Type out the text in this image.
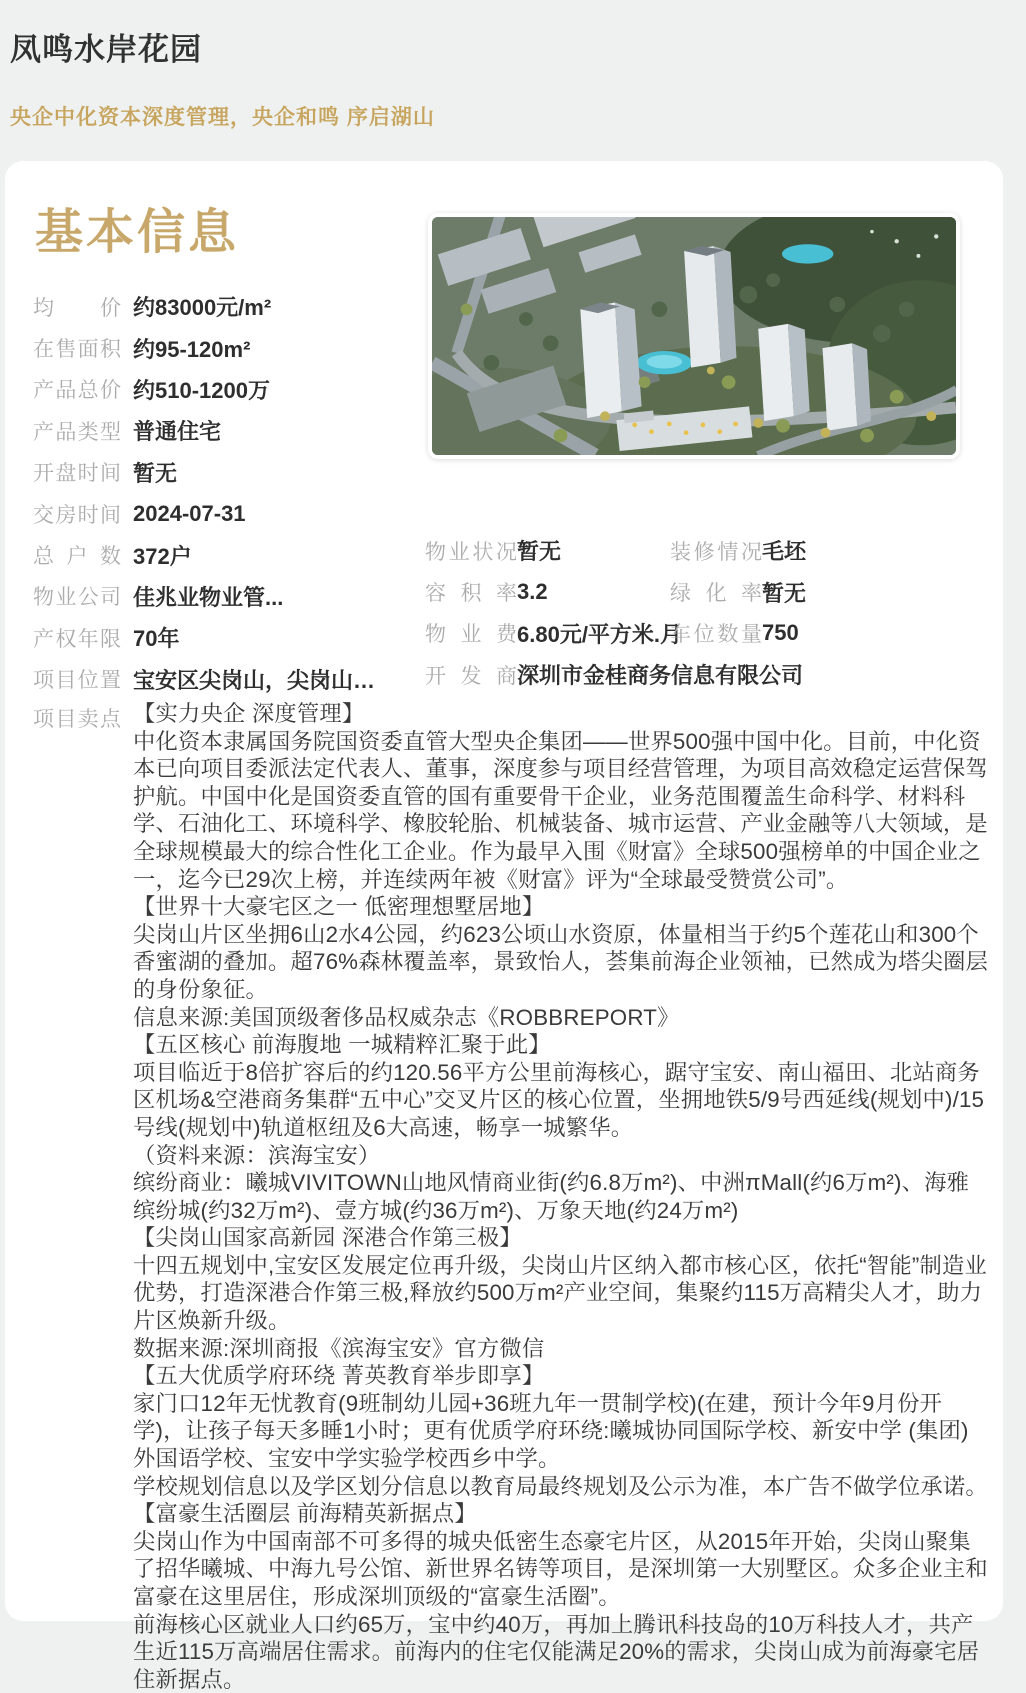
凤鸣水岸花园
央企中化资本深度管理，央企和鸣 序启湖山
基本信息
均价 约83000元/m²
在售面积 约95-120m²
产品总价 约510-1200万
产品类型 普通住宅
开盘时间 暂无
交房时间 2024-07-31
总户数 372户
物业公司 佳兆业物业管...
产权年限 70年
项目位置 宝安区尖岗山，尖岗山…
物业状况 暂无	装修情况 毛坯
容积率 3.2	绿化率 暂无
物业费 6.80元/平方米.月
车位数量 750
开发商 深圳市金桂商务信息有限公司
项目卖点 【实力央企 深度管理】

中化资本隶属国务院国资委直管大型央企集团——世界500强中国中化。目前，中化资本已向项目委派法定代表人、董事，深度参与项目经营管理，为项目高效稳定运营保驾护航。中国中化是国资委直管的国有重要骨干企业，业务范围覆盖生命科学、材料科学、石油化工、环境科学、橡胶轮胎、机械装备、城市运营、产业金融等八大领域，是全球规模最大的综合性化工企业。作为最早入围《财富》全球500强榜单的中国企业之一，迄今已29次上榜，并连续两年被《财富》评为“全球最受赞赏公司”。

【世界十大豪宅区之一 低密理想墅居地】

尖岗山片区坐拥6山2水4公园，约623公顷山水资原，体量相当于约5个莲花山和300个香蜜湖的叠加。超76%森林覆盖率，景致怡人，荟集前海企业领袖，已然成为塔尖圈层的身份象征。

信息来源:美国顶级奢侈品权威杂志《ROBBREPORT》

【五区核心 前海腹地 一城精粹汇聚于此】

项目临近于8倍扩容后的约120.56平方公里前海核心，踞守宝安、南山福田、北站商务区机场&空港商务集群“五中心”交叉片区的核心位置，坐拥地铁5/9号西延线(规划中)/15号线(规划中)轨道枢纽及6大高速，畅享一城繁华。

（资料来源：滨海宝安）

缤纷商业：曦城VIVITOWN山地风情商业街(约6.8万m²)、中洲πMall(约6万m²)、海雅缤纷城(约32万m²)、壹方城(约36万m²)、万象天地(约24万m²)

【尖岗山国家高新园 深港合作第三极】

十四五规划中,宝安区发展定位再升级，尖岗山片区纳入都市核心区，依托“智能”制造业优势，打造深港合作第三极,释放约500万m²产业空间，集聚约115万高精尖人才，助力片区焕新升级。

数据来源:深圳商报《滨海宝安》官方微信

【五大优质学府环绕 菁英教育举步即享】

家门口12年无忧教育(9班制幼儿园+36班九年一贯制学校)(在建，预计今年9月份开学)，让孩子每天多睡1小时；更有优质学府环绕:曦城协同国际学校、新安中学 (集团)外国语学校、宝安中学实验学校西乡中学。

学校规划信息以及学区划分信息以教育局最终规划及公示为准，本广告不做学位承诺。

【富豪生活圈层 前海精英新据点】

尖岗山作为中国南部不可多得的城央低密生态豪宅片区，从2015年开始，尖岗山聚集了招华曦城、中海九号公馆、新世界名铸等项目，是深圳第一大别墅区。众多企业主和富豪在这里居住，形成深圳顶级的“富豪生活圈”。

前海核心区就业人口约65万，宝中约40万，再加上腾讯科技岛的10万科技人才，共产生近115万高端居住需求。前海内的住宅仅能满足20%的需求，尖岗山成为前海豪宅居住新据点。
